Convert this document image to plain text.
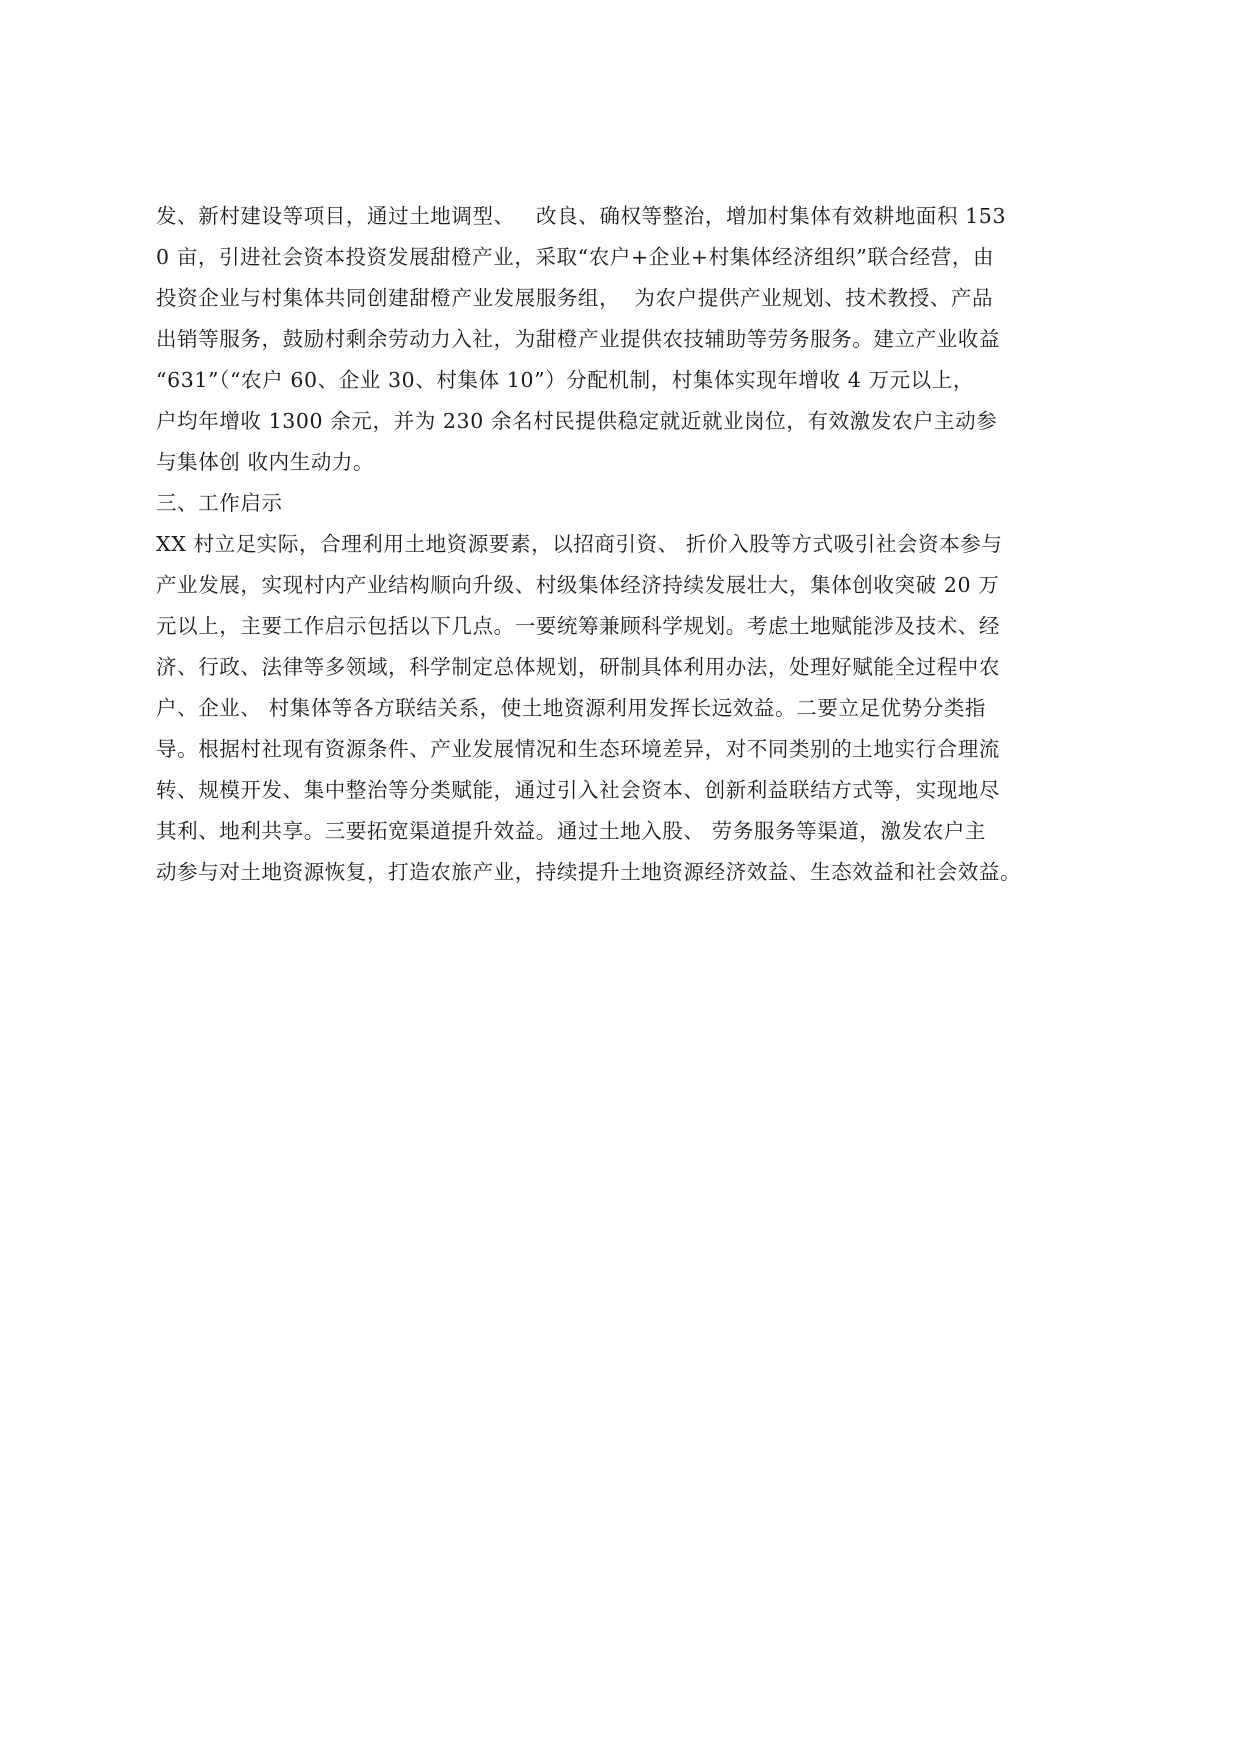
发、新村建设等项目，通过土地调型、   改良、确权等整治，增加村集体有效耕地面积 153
0 亩，引进社会资本投资发展甜橙产业，采取“农户+企业+村集体经济组织”联合经营，由
投资企业与村集体共同创建甜橙产业发展服务组，  为农户提供产业规划、技术教授、产品
出销等服务，鼓励村剩余劳动力入社，为甜橙产业提供农技辅助等劳务服务。建立产业收益
“631”（“农户 60、企业 30、村集体 10”）分配机制，村集体实现年增收 4 万元以上，
户均年增收 1300 余元，并为 230 余名村民提供稳定就近就业岗位，有效激发农户主动参
与集体创 收内生动力。
三、工作启示
XX 村立足实际，合理利用土地资源要素，以招商引资、 折价入股等方式吸引社会资本参与
产业发展，实现村内产业结构顺向升级、村级集体经济持续发展壮大，集体创收突破 20 万
元以上，主要工作启示包括以下几点。一要统筹兼顾科学规划。考虑土地赋能涉及技术、经
济、行政、法律等多领域，科学制定总体规划，研制具体利用办法，处理好赋能全过程中农
户、企业、 村集体等各方联结关系，使土地资源利用发挥长远效益。二要立足优势分类指
导。根据村社现有资源条件、产业发展情况和生态环境差异，对不同类别的土地实行合理流
转、规模开发、集中整治等分类赋能，通过引入社会资本、创新利益联结方式等，实现地尽
其利、地利共享。三要拓宽渠道提升效益。通过土地入股、 劳务服务等渠道，激发农户主
动参与对土地资源恢复，打造农旅产业，持续提升土地资源经济效益、生态效益和社会效益。
